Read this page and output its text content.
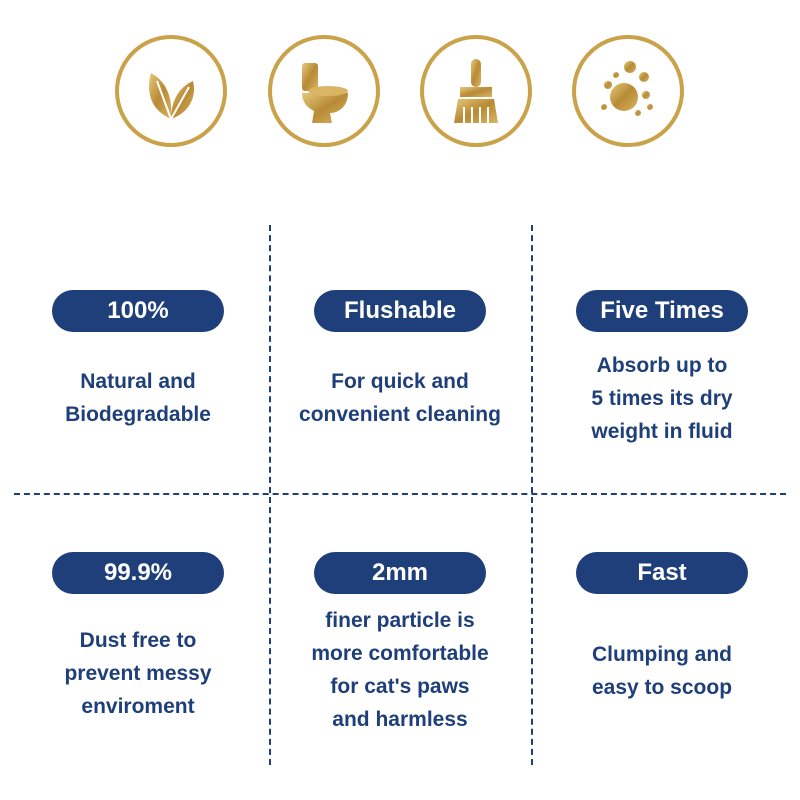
100%
Natural and
Biodegradable
Flushable
For quick and
convenient cleaning
Five Times
Absorb up to
5 times its dry
weight in fluid
99.9%
Dust free to
prevent messy
enviroment
2mm
finer particle is
more comfortable
for cat's paws
and harmless
Fast
Clumping and
easy to scoop
